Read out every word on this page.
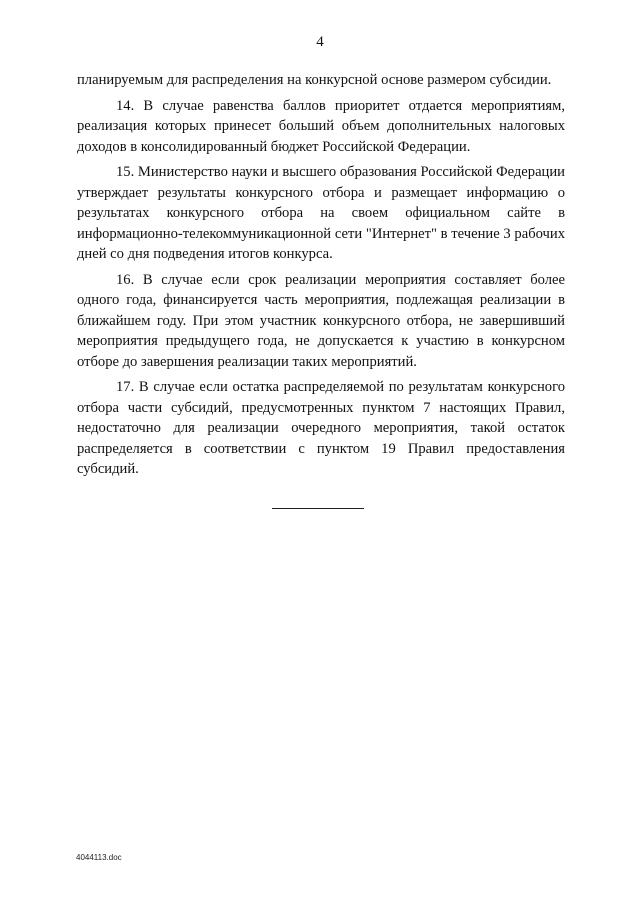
4

планируемым для распределения на конкурсной основе размером субсидии.

14. В случае равенства баллов приоритет отдается мероприятиям, реализация которых принесет больший объем дополнительных налоговых доходов в консолидированный бюджет Российской Федерации.

15. Министерство науки и высшего образования Российской Федерации утверждает результаты конкурсного отбора и размещает информацию о результатах конкурсного отбора на своем официальном сайте в информационно-телекоммуникационной сети "Интернет" в течение 3 рабочих дней со дня подведения итогов конкурса.

16. В случае если срок реализации мероприятия составляет более одного года, финансируется часть мероприятия, подлежащая реализации в ближайшем году. При этом участник конкурсного отбора, не завершивший мероприятия предыдущего года, не допускается к участию в конкурсном отборе до завершения реализации таких мероприятий.

17. В случае если остатка распределяемой по результатам конкурсного отбора части субсидий, предусмотренных пунктом 7 настоящих Правил, недостаточно для реализации очередного мероприятия, такой остаток распределяется в соответствии с пунктом 19 Правил предоставления субсидий.

4044113.doc
